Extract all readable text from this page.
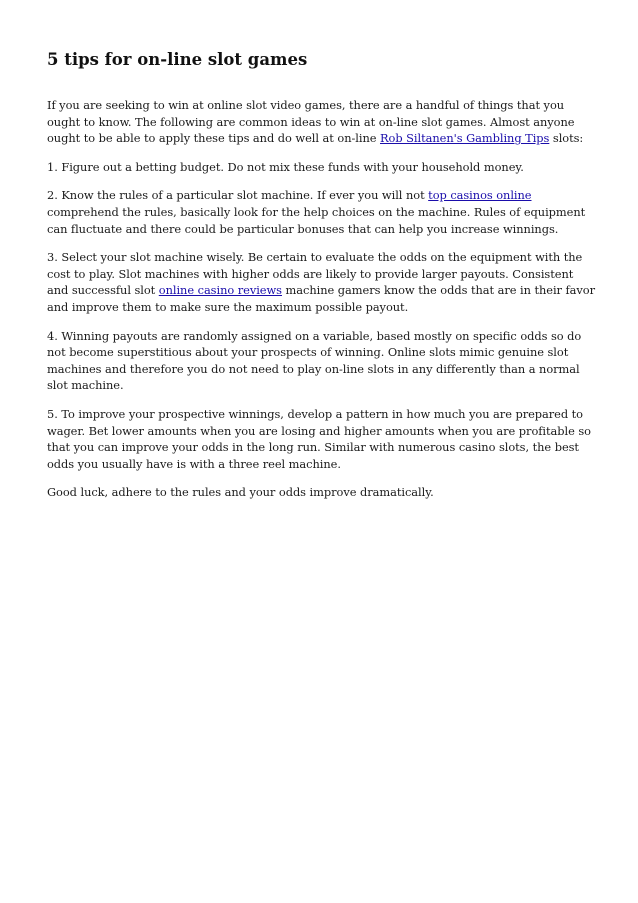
5 tips for on-line slot games

If you are seeking to win at online slot video games, there are a handful of things that you ought to know. The following are common ideas to win at on-line slot games. Almost anyone ought to be able to apply these tips and do well at on-line Rob Siltanen's Gambling Tips slots:

1. Figure out a betting budget. Do not mix these funds with your household money.

2. Know the rules of a particular slot machine. If ever you will not top casinos online comprehend the rules, basically look for the help choices on the machine. Rules of equipment can fluctuate and there could be particular bonuses that can help you increase winnings.

3. Select your slot machine wisely. Be certain to evaluate the odds on the equipment with the cost to play. Slot machines with higher odds are likely to provide larger payouts. Consistent and successful slot online casino reviews machine gamers know the odds that are in their favor and improve them to make sure the maximum possible payout.

4. Winning payouts are randomly assigned on a variable, based mostly on specific odds so do not become superstitious about your prospects of winning. Online slots mimic genuine slot machines and therefore you do not need to play on-line slots in any differently than a normal slot machine.

5. To improve your prospective winnings, develop a pattern in how much you are prepared to wager. Bet lower amounts when you are losing and higher amounts when you are profitable so that you can improve your odds in the long run. Similar with numerous casino slots, the best odds you usually have is with a three reel machine.

Good luck, adhere to the rules and your odds improve dramatically.
